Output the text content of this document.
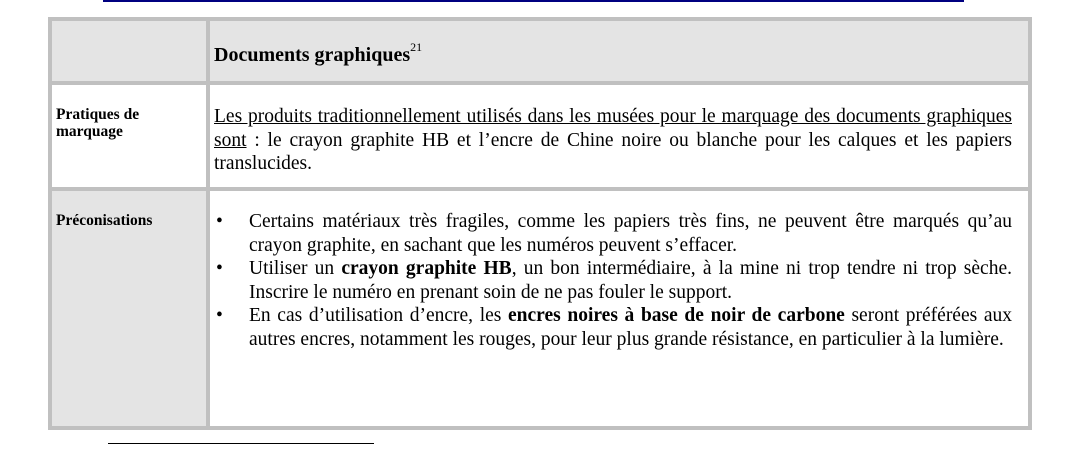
Documents graphiques$^{21}$
Pratiques de
marquage
Les produits traditionnellement utilisés dans les musées pour le marquage des documents graphiques sont : le crayon graphite HB et l’encre de Chine noire ou blanche pour les calques et les papiers translucides.
Préconisations	• Certains matériaux très fragiles, comme les papiers très fins, ne peuvent être marqués qu’au crayon graphite, en sachant que les numéros peuvent s’effacer.
• Utiliser un crayon graphite HB, un bon intermédiaire, à la mine ni trop tendre ni trop sèche. Inscrire le numéro en prenant soin de ne pas fouler le support.
• En cas d’utilisation d’encre, les encres noires à base de noir de carbone seront préférées aux autres encres, notamment les rouges, pour leur plus grande résistance, en particulier à la lumière.
